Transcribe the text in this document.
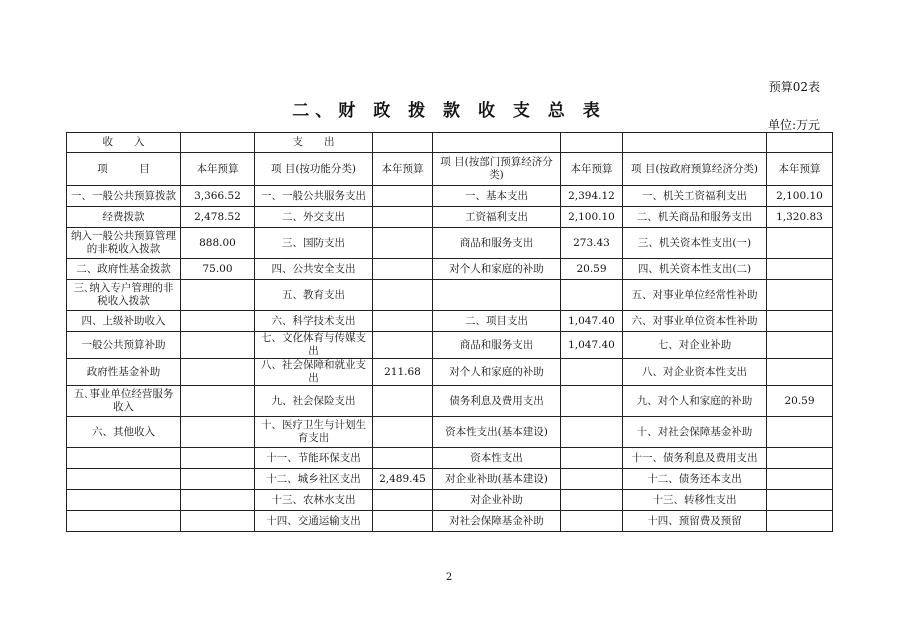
预算02表
二、财 政 拨 款 收 支 总 表
单位:万元
收　　入		支　　出					
项　　　目	本年预算	项 目(按功能分类)	本年预算	项 目(按部门预算经济分类)	本年预算	项 目(按政府预算经济分类)	本年预算
一、一般公共预算拨款	3,366.52	一、一般公共服务支出		一、基本支出	2,394.12	一、机关工资福利支出	2,100.10
经费拨款	2,478.52	二、外交支出		工资福利支出	2,100.10	二、机关商品和服务支出	1,320.83
纳入一般公共预算管理的非税收入拨款	888.00	三、国防支出		商品和服务支出	273.43	三、机关资本性支出(一)	
二、政府性基金拨款	75.00	四、公共安全支出		对个人和家庭的补助	20.59	四、机关资本性支出(二)	
三､纳入专户管理的非税收入拨款		五、教育支出				五、对事业单位经常性补助	
四、上级补助收入		六、科学技术支出		二、项目支出	1,047.40	六、对事业单位资本性补助	
一般公共预算补助		七、文化体育与传媒支出		商品和服务支出	1,047.40	七、对企业补助	
政府性基金补助		八、社会保障和就业支出	211.68	对个人和家庭的补助		八、对企业资本性支出	
五､事业单位经营服务收入		九、社会保险支出		债务利息及费用支出		九、对个人和家庭的补助	20.59
六、其他收入		十、医疗卫生与计划生育支出		资本性支出(基本建设)		十、对社会保障基金补助	
		十一、节能环保支出		资本性支出		十一、债务利息及费用支出	
		十二、城乡社区支出	2,489.45	对企业补助(基本建设)		十二、债务还本支出	
		十三、农林水支出		对企业补助		十三、转移性支出	
		十四、交通运输支出		对社会保障基金补助		十四、预留费及预留	
2
